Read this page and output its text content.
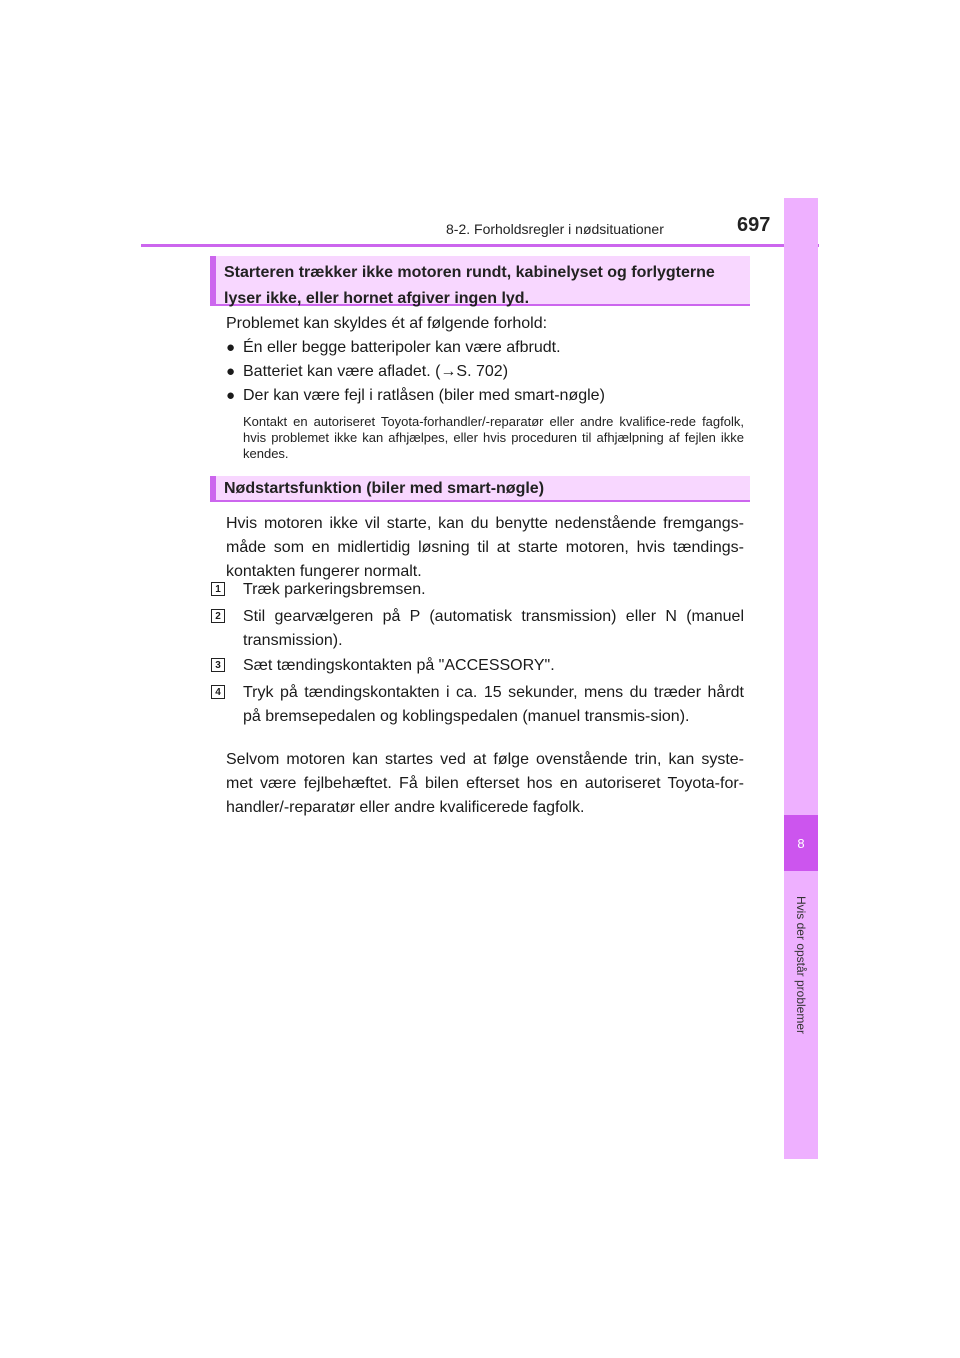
8-2. Forholdsregler i nødsituationer	697
8
Hvis der opstår problemer
Starteren trækker ikke motoren rundt, kabinelyset og forlygterne lyser ikke, eller hornet afgiver ingen lyd.
Problemet kan skyldes ét af følgende forhold:
● Én eller begge batteripoler kan være afbrudt.
● Batteriet kan være afladet. (→S. 702)
● Der kan være fejl i ratlåsen (biler med smart-nøgle)
Kontakt en autoriseret Toyota-forhandler/-reparatør eller andre kvalifice-rede fagfolk, hvis problemet ikke kan afhjælpes, eller hvis proceduren til afhjælpning af fejlen ikke kendes.
Nødstartsfunktion (biler med smart-nøgle)
Hvis motoren ikke vil starte, kan du benytte nedenstående fremgangs-måde som en midlertidig løsning til at starte motoren, hvis tændings-kontakten fungerer normalt.
1 Træk parkeringsbremsen.
2 Stil gearvælgeren på P (automatisk transmission) eller N (manuel transmission).
3 Sæt tændingskontakten på "ACCESSORY".
4 Tryk på tændingskontakten i ca. 15 sekunder, mens du træder hårdt på bremsepedalen og koblingspedalen (manuel transmis-sion).
Selvom motoren kan startes ved at følge ovenstående trin, kan syste-met være fejlbehæftet. Få bilen efterset hos en autoriseret Toyota-for-handler/-reparatør eller andre kvalificerede fagfolk.
